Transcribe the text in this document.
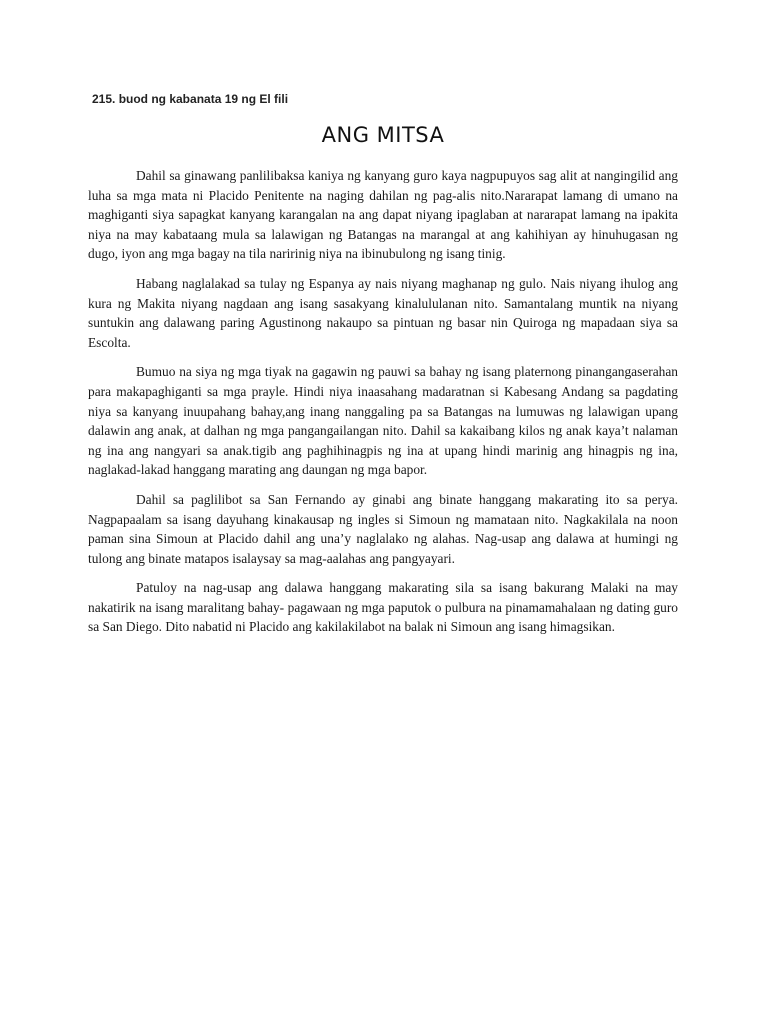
215. buod ng kabanata 19 ng El fili
ANG MITSA

Dahil sa ginawang panlilibaksa kaniya ng kanyang guro kaya nagpupuyos sag alit at nangingilid ang luha sa mga mata ni Placido Penitente na naging dahilan ng pag-alis nito.Nararapat lamang di umano na maghiganti siya sapagkat kanyang karangalan na ang dapat niyang ipaglaban at nararapat lamang na ipakita niya na may kabataang mula sa lalawigan ng Batangas na marangal at ang kahihiyan ay hinuhugasan ng dugo, iyon ang mga bagay na tila naririnig niya na ibinubulong ng isang tinig.

Habang naglalakad sa tulay ng Espanya ay nais niyang maghanap ng gulo. Nais niyang ihulog ang kura ng Makita niyang nagdaan ang isang sasakyang kinalululanan nito. Samantalang muntik na niyang suntukin ang dalawang paring Agustinong nakaupo sa pintuan ng basar nin Quiroga ng mapadaan siya sa Escolta.

Bumuo na siya ng mga tiyak na gagawin ng pauwi sa bahay ng isang platernong pinangangaserahan para makapaghiganti sa mga prayle. Hindi niya inaasahang madaratnan si Kabesang Andang sa pagdating niya sa kanyang inuupahang bahay,ang inang nanggaling pa sa Batangas na lumuwas ng lalawigan upang dalawin ang anak, at dalhan ng mga pangangailangan nito. Dahil sa kakaibang kilos ng anak kaya’t nalaman ng ina ang nangyari sa anak.tigib ang paghihinagpis ng ina at upang hindi marinig ang hinagpis ng ina, naglakad-lakad hanggang marating ang daungan ng mga bapor.

Dahil sa paglilibot sa San Fernando ay ginabi ang binate hanggang makarating ito sa perya. Nagpapaalam sa isang dayuhang kinakausap ng ingles si Simoun ng mamataan nito. Nagkakilala na noon paman sina Simoun at Placido dahil ang una’y naglalako ng alahas. Nag-usap ang dalawa at humingi ng tulong ang binate matapos isalaysay sa mag-aalahas ang pangyayari.

Patuloy na nag-usap ang dalawa hanggang makarating sila sa isang bakurang Malaki na may nakatirik na isang maralitang bahay- pagawaan ng mga paputok o pulbura na pinamamahalaan ng dating guro sa San Diego. Dito nabatid ni Placido ang kakilakilabot na balak ni Simoun ang isang himagsikan.
